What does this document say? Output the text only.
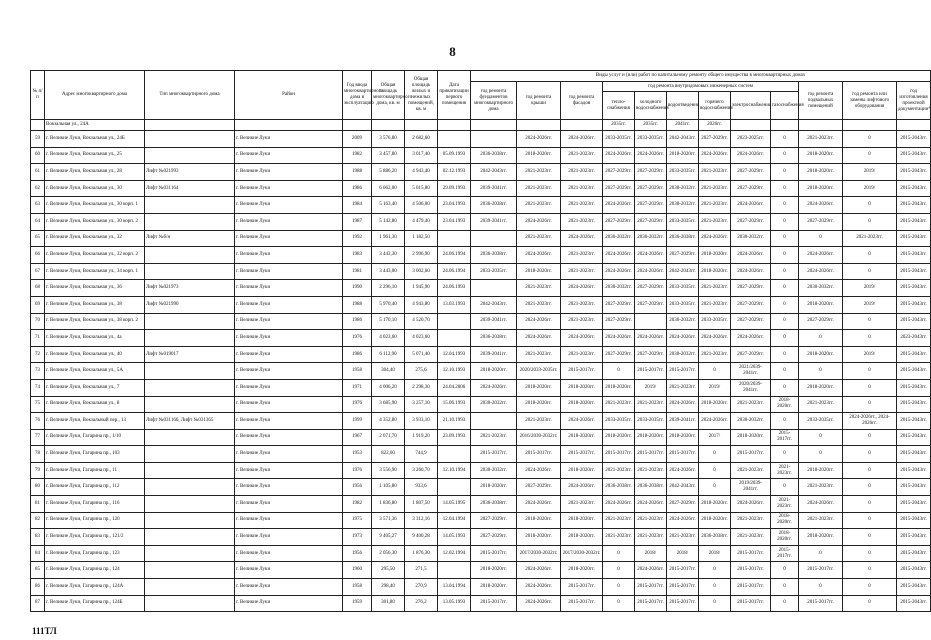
8
№ п/п	Адрес многоквартирного дома	Тип многоквартирного дома	Район	Год ввода многоквартирного дома в эксплуатацию	Общая площадь многоквартирного дома, кв. м	Общая площадь жилых и нежилых помещений, кв. м	Дата приватизации первого помещения	Виды услуг и (или) работ по капитальному ремонту общего имущества в многоквартирных домах											
								год ремонта фундаментов многоквартирного дома	год ремонта крыши	год ремонта фасадов	год ремонта внутридомовых инженерных систем						год ремонта подвальных помещений	год ремонта или замены лифтового оборудования	год изготовления проектной документации*
											тепло-снабжения	холодного водоснабжения	водоотведения	горячего водоснабжения	электроснабжения	газоснабжения			
	Вокзальная ул., 24А										2035гг.	2035гг.	2041гг.	2026гг.					
59	г. Великие Луки, Вокзальная ул., 24Б		г. Великие Луки	2009	3 576,80	2 682,60			2024-2026гг.	2024-2026гг.	2033-2035гг.	2033-2035гг.	2042-2043гг.	2027-2029гг.	2023-2025гг.	0	2021-2023гг.	0	2015-2043гг.
60	г. Великие Луки, Вокзальная ул., 25		г. Великие Луки	1982	3 457,80	3 017,40	05.09.1993	2036-2038гг.	2018-2020гг.	2021-2023гг.	2024-2026гг.	2024-2026гг.	2018-2020гг.	2024-2026гг.	2024-2026гг.	0	2018-2020гг.	0	2015-2043гг.
61	г. Великие Луки, Вокзальная ул., 28	Лифт №021993	г. Великие Луки	1988	5 886,20	4 943,40	02.12.1993	2042-2043гг.	2021-2023гг.	2021-2023гг.	2027-2029гг.	2027-2029гг.	2033-2035гг.	2021-2023гг.	2027-2029гг.	0	2018-2020гг.	2019/	2015-2043гг.
62	г. Великие Луки, Вокзальная ул., 30	Лифт №031164	г. Великие Луки	1986	6 062,00	5 015,80	29.09.1993	2039-2041гг.	2021-2023гг.	2021-2023гг.	2027-2029гг.	2027-2029гг.	2030-2032гг.	2021-2023гг.	2027-2029гг.	0	2018-2020гг.	2019/	2015-2043гг.
63	г. Великие Луки, Вокзальная ул., 30 корп. 1		г. Великие Луки	1984	5 163,40	4 506,00	23.04.1993	2036-2038гг.	2021-2023гг.	2021-2023гг.	2024-2026гг.	2027-2029гг.	2030-2032гг.	2021-2023гг.	2024-2026гг.	0	2024-2026гг.	0	2015-2043гг.
64	г. Великие Луки, Вокзальная ул., 30 корп. 2		г. Великие Луки	1987	5 142,80	4 479,40	23.04.1993	2039-2041гг.	2024-2026гг.	2021-2023гг.	2027-2029гг.	2027-2029гг.	2033-2035гг.	2021-2023гг.	2027-2029гг.	0	2027-2029гг.	0	2015-2043гг.
65	г. Великие Луки, Вокзальная ул., 32	Лифт №б/н	г. Великие Луки	1992	1 961,30	1 182,50			2021-2023гг.	2024-2026гг.	2030-2032гг.	2030-2032гг.	2036-2038гг.	2024-2026гг.	2030-2032гг.	0	0	2021-2023гг.	2015-2043гг.
66	г. Великие Луки, Вокзальная ул., 32 корп. 2		г. Великие Луки	1983	3 443,30	2 996,90	24.06.1994	2036-2038гг.	2024-2026гг.	2021-2023гг.	2024-2026гг.	2024-2026гг.	2027-2029гг.	2018-2020гг.	2024-2026гг.	0	2024-2026гг.	0	2015-2043гг.
67	г. Великие Луки, Вокзальная ул., 34 корп. 1		г. Великие Луки	1981	3 443,00	3 002,60	24.06.1994	2033-2035гг.	2018-2020гг.	2021-2023гг.	2024-2026гг.	2024-2026гг.	2042-2043гг.	2018-2020гг.	2024-2026гг.	0	2024-2026гг.	0	2015-2043гг.
68	г. Великие Луки, Вокзальная ул., 36	Лифт №021973	г. Великие Луки	1990	2 296,10	1 945,90	24.06.1993		2021-2023гг.	2024-2026гг.	2030-2032гг.	2027-2029гг.	2033-2035гг.	2021-2023гг.	2027-2029гг.	0	2030-2032гг.	2019/	2015-2043гг.
69	г. Великие Луки, Вокзальная ул., 38	Лифт №021990	г. Великие Луки	1988	5 970,40	4 943,80	13.03.1993	2042-2043гг.	2021-2023гг.	2021-2023гг.	2027-2029гг.	2027-2029гг.	2033-2035гг.	2021-2023гг.	2027-2029гг.	0	2018-2020гг.	2019/	2015-2043гг.
70	г. Великие Луки, Вокзальная ул., 38 корп. 2		г. Великие Луки	1986	5 170,10	4 520,70		2039-2041гг.	2024-2026гг.	2021-2023гг.	2027-2029гг.		2030-2032гг.	2033-2035гг.	2027-2029гг.	0	2027-2029гг.	0	2015-2043гг.
71	г. Великие Луки, Вокзальная ул., 4а		г. Великие Луки	1976	4 023,60	4 023,60		2036-2038гг.	2024-2026гг.	2024-2026гг.	2024-2026гг.	2024-2026гг.	2024-2026гг.	2024-2026гг.	2024-2026гг.	0	0	0	2023-2043гг.
72	г. Великие Луки, Вокзальная ул., 40	Лифт №019017	г. Великие Луки	1986	6 112,90	5 071,40	12.04.1993	2039-2041гг.	2021-2023гг.	2021-2023гг.	2027-2029гг.	2027-2029гг.	2030-2032гг.	2021-2023гг.	2027-2029гг.	0	2018-2020гг.	2019/	2015-2043гг.
73	г. Великие Луки, Вокзальная ул., 5А		г. Великие Луки	1958	304,40	275,6	12.10.1993	2018-2020гг.	2020/2033-2035гг.	2015-2017гг.	0	2015-2017гг.	2015-2017гг.	0	2021/2039-2041гг.	0	0	0	2015-2043гг.
74	г. Великие Луки, Вокзальная ул., 7		г. Великие Луки	1971	4 006,20	2 298,30	24.04.2006	2024-2026гг.	2018-2020гг.	2018-2020гг.	2018-2020гг.	2019/	2021-2023гг.	2019/	2020/2039-2041гг.	0	2018-2020гг.	0	2015-2043гг.
75	г. Великие Луки, Вокзальная ул., 8		г. Великие Луки	1976	3 685,90	3 257,10	15.06.1993	2030-2032гг.	2018-2020гг.	2018-2020гг.	2021-2023гг.	2021-2023гг.	2024-2026гг.	2018-2020гг.	2021-2023гг.	2018-2020гг.	2021-2023гг.	0	2015-2043гг.
76	г. Великие Луки, Вокзальный пер., 13	Лифт №031166, Лифт №031365	г. Великие Луки	1999	4 352,80	3 933,10	21.10.1993		2021-2023гг.	2024-2026гг.	2033-2035гг.	2033-2035гг.	2039-2041гг.	2024-2026гг.	2030-2032гг.	0	2033-2035гг.	2024-2026гг., 2024-2026гг.	2015-2043гг.
77	г. Великие Луки, Гагарина пр., 1/10		г. Великие Луки	1967	2 071,70	1 919,20	23.09.1993	2021-2023гг.	2016/2030-2032гг.	2018-2020гг.	2018-2020гг.	2018-2020гг.	2018-2020гг.	2017/	2018-2020гг.	2015-2017гг.	0	0	2015-2043гг.
78	г. Великие Луки, Гагарина пр., 103		г. Великие Луки	1953	822,60	744,9		2015-2017гг.	2015-2017гг.	2015-2017гг.	2015-2017гг.	2015-2017гг.	2015-2017гг.	0	2015-2017гг.	0	0	0	2015-2043гг.
79	г. Великие Луки, Гагарина пр., 11		г. Великие Луки	1976	3 556,90	3 260,70	12.10.1994	2030-2032гг.	2024-2026гг.	2018-2020гг.	2021-2023гг.	2021-2023гг.	2024-2026гг.	0	2021-2023гг.	2021-2023гг.	2018-2020гг.	0	2015-2043гг.
80	г. Великие Луки, Гагарина пр., 112		г. Великие Луки	1956	1 105,80	933,6		2018-2020гг.	2027-2029гг.	2024-2026гг.	2036-2038гг.	2036-2038гг.	2042-2043гг.	0	2019/2039-2041гг.	0	2021-2023гг.	0	2015-2043гг.
81	г. Великие Луки, Гагарина пр., 116		г. Великие Луки	1982	1 836,80	1 807,50	14.05.1995	2036-2038гг.	2024-2026гг.	2021-2023гг.	2024-2026гг.	2024-2026гг.	2027-2029гг.	2018-2020гг.	2024-2026гг.	2021-2023гг.	2024-2026гг.	0	2015-2043гг.
82	г. Великие Луки, Гагарина пр., 120		г. Великие Луки	1975	3 571,36	3 312,16	12.04.1994	2027-2029гг.	2018-2020гг.	2018-2020гг.	2021-2023гг.	2021-2023гг.	2024-2026гг.	2018-2020гг.	2021-2023гг.	2018-2020гг.	2021-2023гг.	0	2015-2043гг.
83	г. Великие Луки, Гагарина пр., 121/2		г. Великие Луки	1973	9 405,27	9 400,28	14.05.1993	2027-2029гг.	2018-2020гг.	2018-2020гг.	2021-2023гг.	2021-2023гг.	2021-2023гг.	2036-2038гг.	2021-2023гг.	2018-2020гг.	2018-2020гг.	0	2015-2043гг.
84	г. Великие Луки, Гагарина пр., 123		г. Великие Луки	1956	2 056,30	1 876,30	12.02.1994	2015-2017гг.	2017/2030-2032гг.	2017/2030-2032гг.	0	2018/	2018/	2018/	2015-2017гг.	2015-2017гг.	0	0	2015-2043гг.
85	г. Великие Луки, Гагарина пр., 124		г. Великие Луки	1960	295,50	271,5		2018-2020гг.	2024-2026гг.	2018-2020гг.	0	2024-2026гг.	2015-2017гг.	0	2015-2017гг.	0	2015-2017гг.	0	2015-2043гг.
86	г. Великие Луки, Гагарина пр., 124А		г. Великие Луки	1958	298,40	270,9	13.04.1994	2018-2020гг.	2024-2026гг.	2015-2017гг.	0	2015-2017гг.	2015-2017гг.	0	2015-2017гг.	0	0	0	2015-2043гг.
87	г. Великие Луки, Гагарина пр., 124Б		г. Великие Луки	1959	301,80	276,2	13.05.1993	2015-2017гг.	2024-2026гг.	2015-2017гг.	0	2015-2017гг.	2015-2017гг.	0	2015-2017гг.	0	2015-2017гг.	0	2015-2043гг.
111ТЛ
